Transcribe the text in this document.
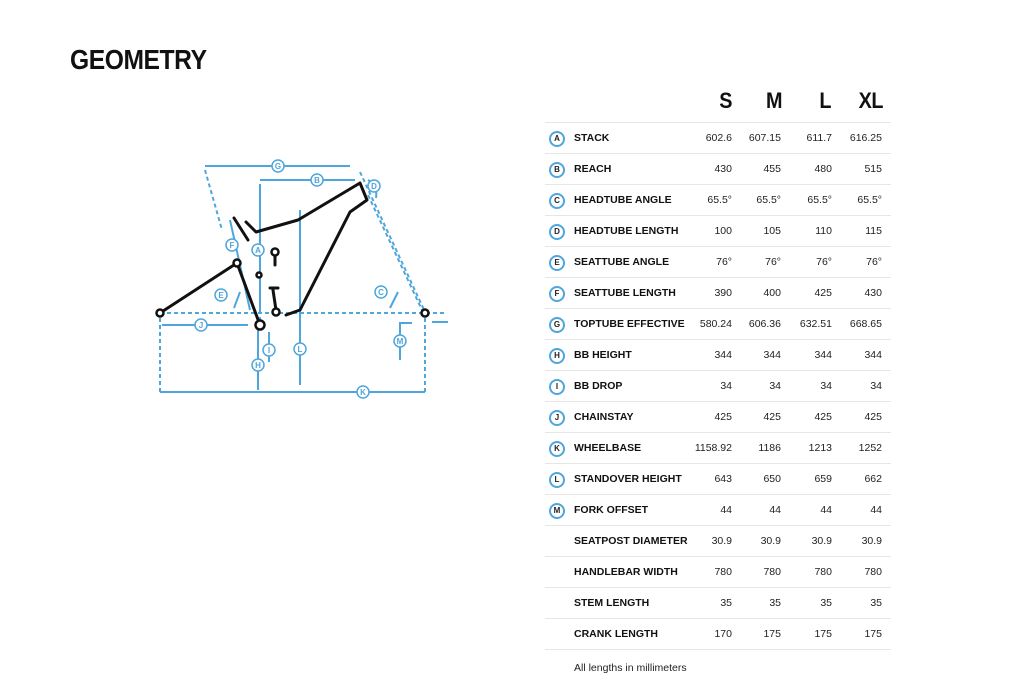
GEOMETRY
G
B
D
A
F
E	C
J
I	L
H
M
K
S	M	L	XL
A	STACK	602.6	607.15	611.7	616.25
B	REACH	430	455	480	515
C	HEADTUBE ANGLE	65.5°	65.5°	65.5°	65.5°
D	HEADTUBE LENGTH	100	105	110	115
E	SEATTUBE ANGLE	76°	76°	76°	76°
F	SEATTUBE LENGTH	390	400	425	430
G	TOPTUBE EFFECTIVE	580.24	606.36	632.51	668.65
H	BB HEIGHT	344	344	344	344
I	BB DROP	34	34	34	34
J	CHAINSTAY	425	425	425	425
K	WHEELBASE	1158.92	1186	1213	1252
L	STANDOVER HEIGHT	643	650	659	662
M	FORK OFFSET	44	44	44	44
SEATPOST DIAMETER	30.9	30.9	30.9	30.9
HANDLEBAR WIDTH	780	780	780	780
STEM LENGTH	35	35	35	35
CRANK LENGTH	170	175	175	175
All lengths in millimeters
